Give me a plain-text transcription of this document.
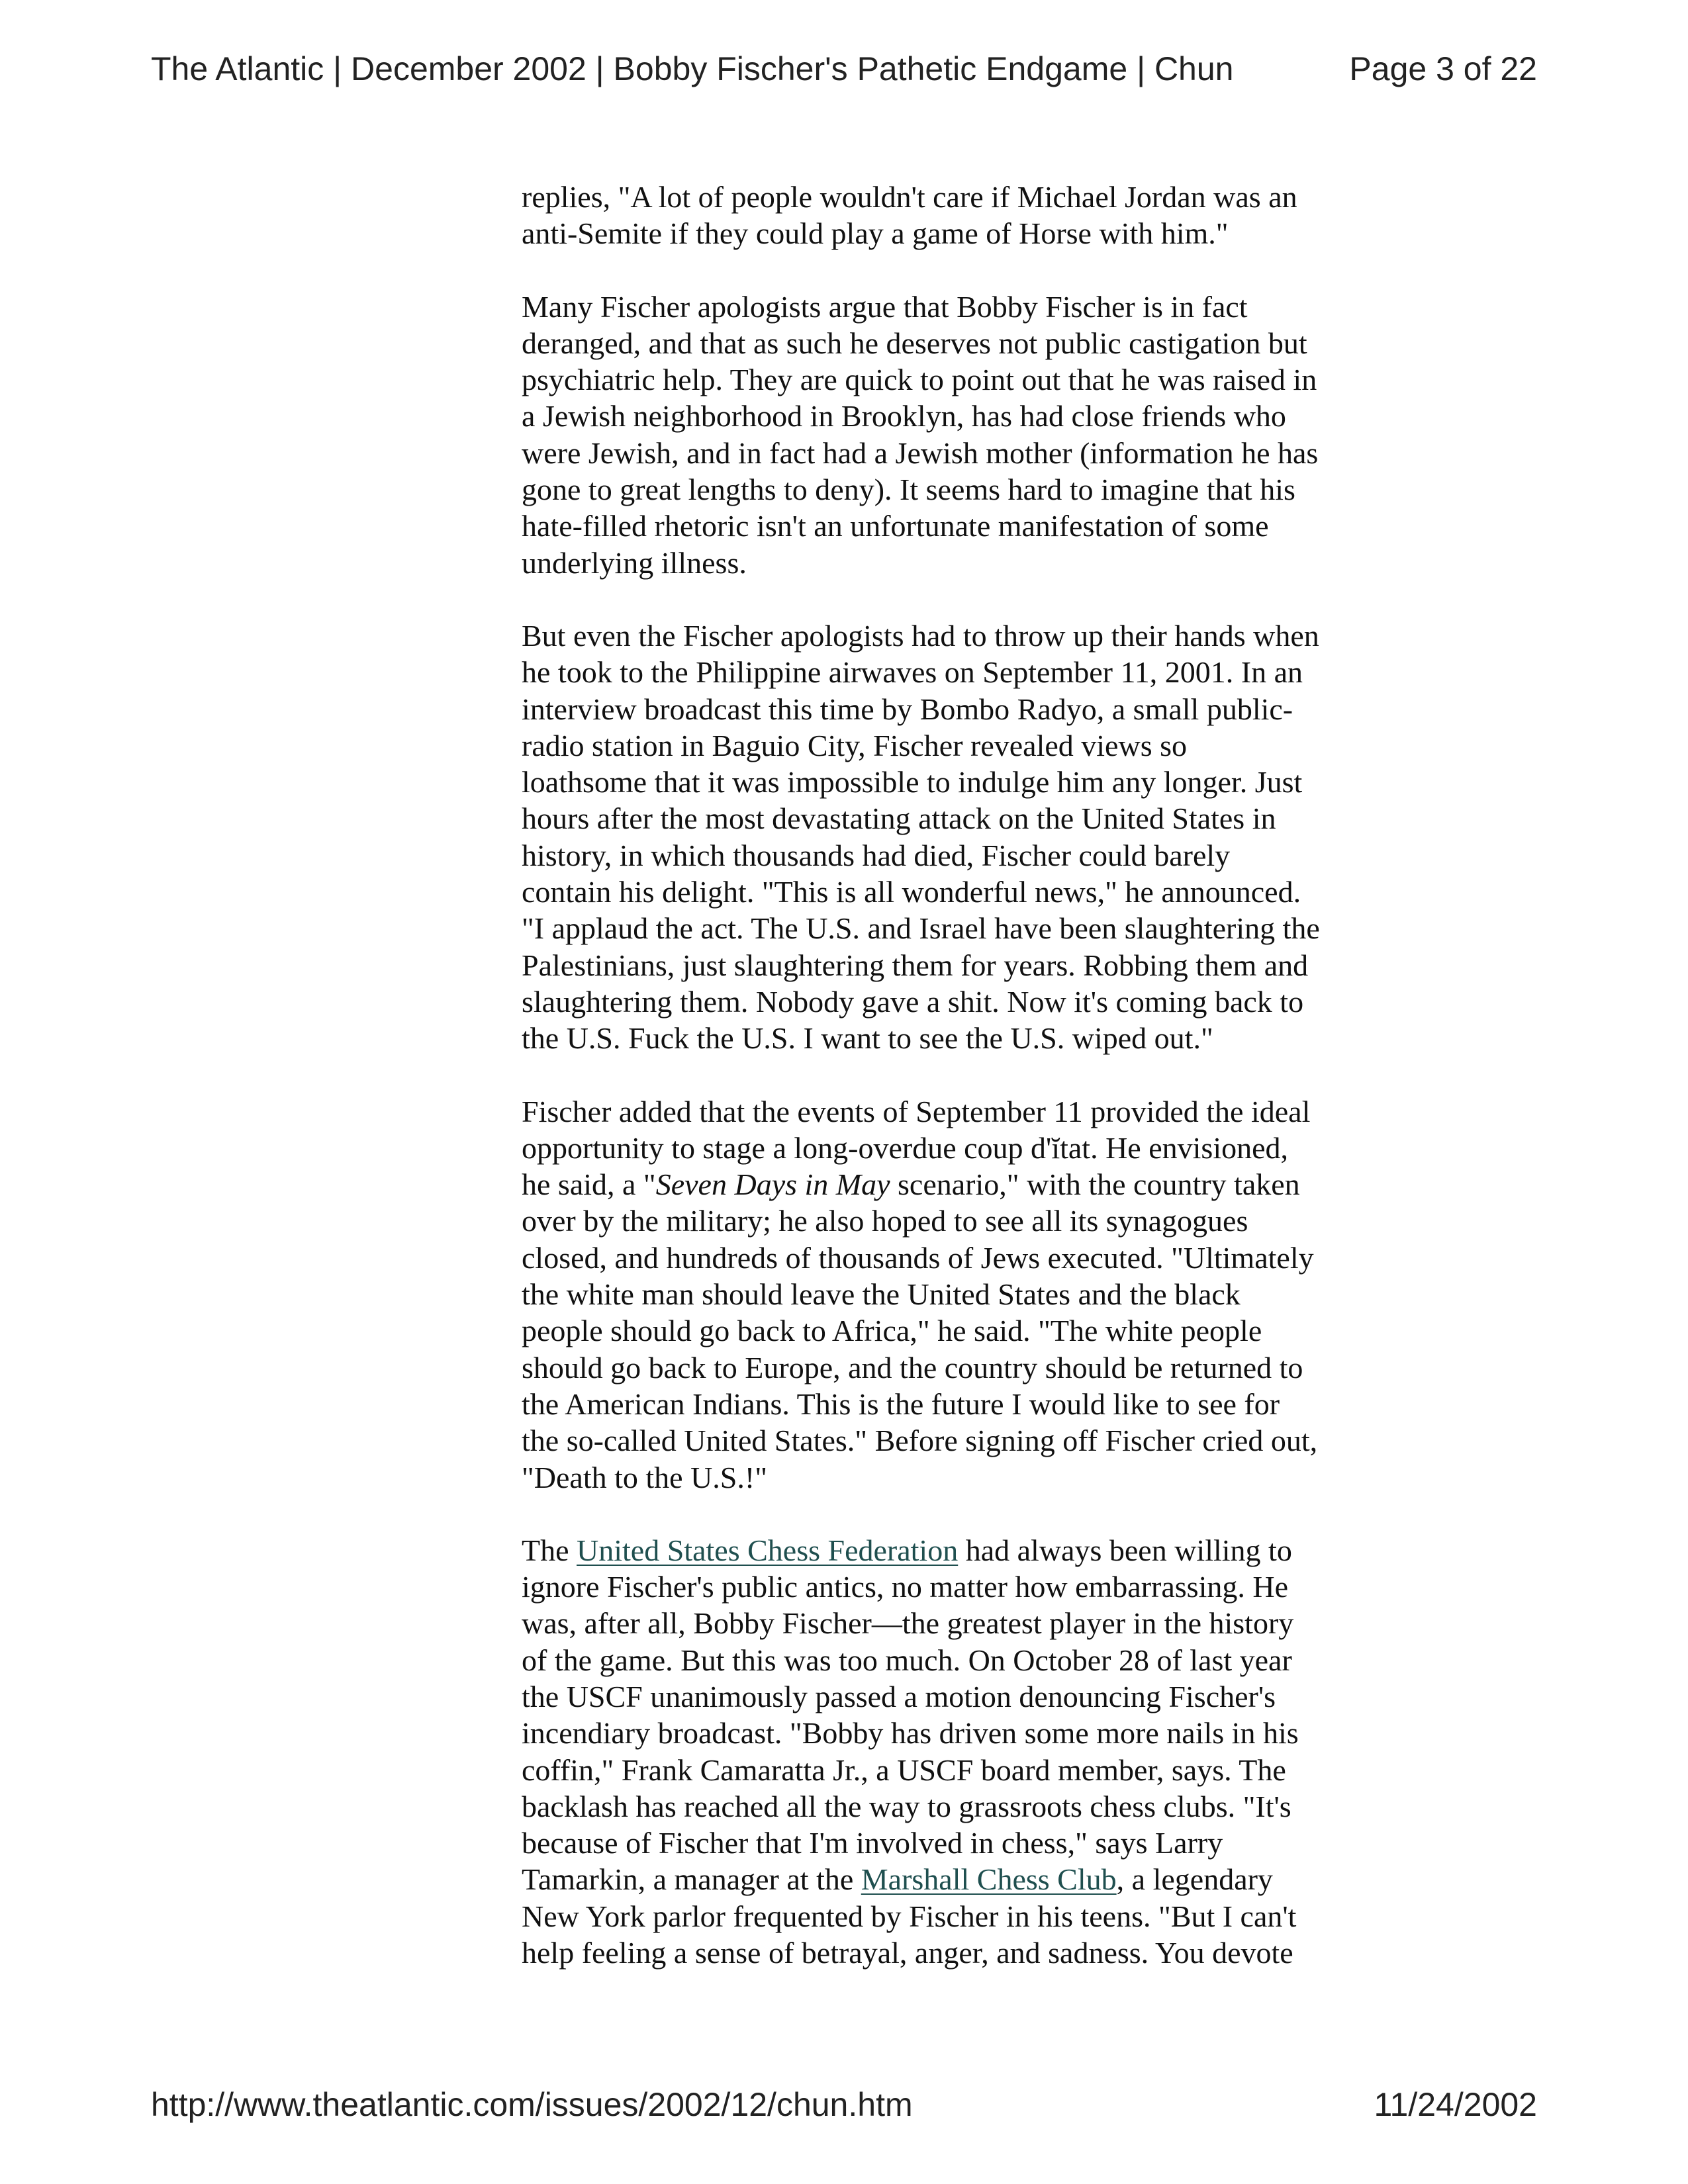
The Atlantic | December 2002 | Bobby Fischer's Pathetic Endgame | Chun	Page 3 of 22

replies, "A lot of people wouldn't care if Michael Jordan was an
anti-Semite if they could play a game of Horse with him."

Many Fischer apologists argue that Bobby Fischer is in fact
deranged, and that as such he deserves not public castigation but
psychiatric help. They are quick to point out that he was raised in
a Jewish neighborhood in Brooklyn, has had close friends who
were Jewish, and in fact had a Jewish mother (information he has
gone to great lengths to deny). It seems hard to imagine that his
hate-filled rhetoric isn't an unfortunate manifestation of some
underlying illness.

But even the Fischer apologists had to throw up their hands when
he took to the Philippine airwaves on September 11, 2001. In an
interview broadcast this time by Bombo Radyo, a small public-
radio station in Baguio City, Fischer revealed views so
loathsome that it was impossible to indulge him any longer. Just
hours after the most devastating attack on the United States in
history, in which thousands had died, Fischer could barely
contain his delight. "This is all wonderful news," he announced.
"I applaud the act. The U.S. and Israel have been slaughtering the
Palestinians, just slaughtering them for years. Robbing them and
slaughtering them. Nobody gave a shit. Now it's coming back to
the U.S. Fuck the U.S. I want to see the U.S. wiped out."

Fischer added that the events of September 11 provided the ideal
opportunity to stage a long-overdue coup d'ĭtat. He envisioned,
he said, a "Seven Days in May scenario," with the country taken
over by the military; he also hoped to see all its synagogues
closed, and hundreds of thousands of Jews executed. "Ultimately
the white man should leave the United States and the black
people should go back to Africa," he said. "The white people
should go back to Europe, and the country should be returned to
the American Indians. This is the future I would like to see for
the so-called United States." Before signing off Fischer cried out,
"Death to the U.S.!"

The United States Chess Federation had always been willing to
ignore Fischer's public antics, no matter how embarrassing. He
was, after all, Bobby Fischer—the greatest player in the history
of the game. But this was too much. On October 28 of last year
the USCF unanimously passed a motion denouncing Fischer's
incendiary broadcast. "Bobby has driven some more nails in his
coffin," Frank Camaratta Jr., a USCF board member, says. The
backlash has reached all the way to grassroots chess clubs. "It's
because of Fischer that I'm involved in chess," says Larry
Tamarkin, a manager at the Marshall Chess Club, a legendary
New York parlor frequented by Fischer in his teens. "But I can't
help feeling a sense of betrayal, anger, and sadness. You devote

http://www.theatlantic.com/issues/2002/12/chun.htm	11/24/2002
